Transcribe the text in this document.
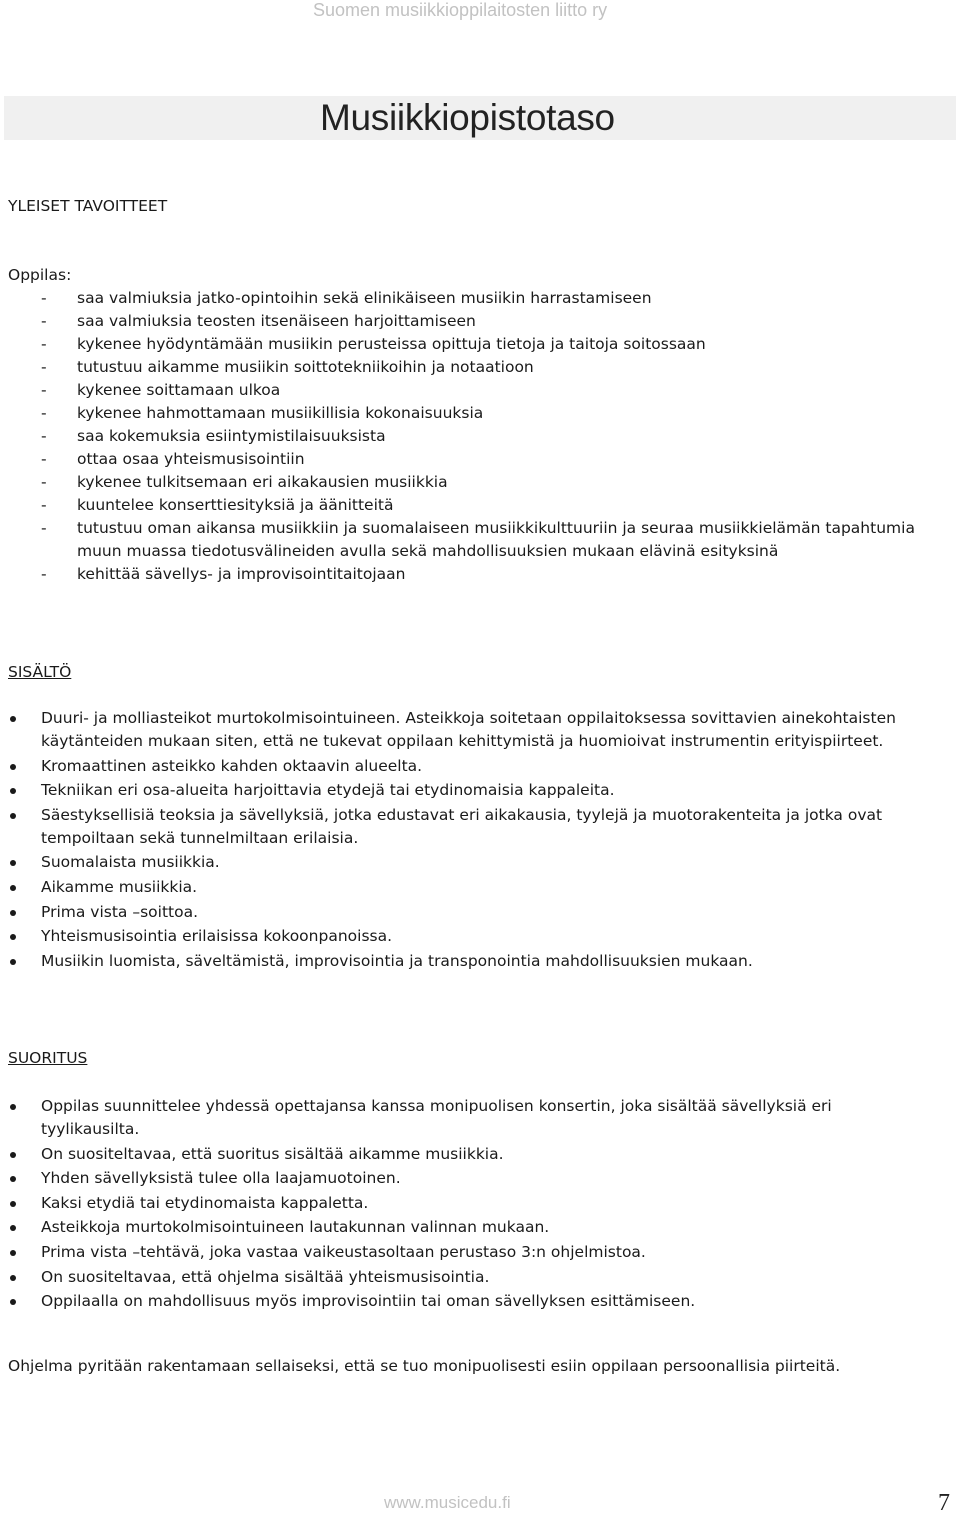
Suomen musiikkioppilaitosten liitto ry
Musiikkiopistotaso
YLEISET TAVOITTEET
Oppilas:
- saa valmiuksia jatko-opintoihin sekä elinikäiseen musiikin harrastamiseen
- saa valmiuksia teosten itsenäiseen harjoittamiseen
- kykenee hyödyntämään musiikin perusteissa opittuja tietoja ja taitoja soitossaan
- tutustuu aikamme musiikin soittotekniikoihin ja notaatioon
- kykenee soittamaan ulkoa
- kykenee hahmottamaan musiikillisia kokonaisuuksia
- saa kokemuksia esiintymistilaisuuksista
- ottaa osaa yhteismusisointiin
- kykenee tulkitsemaan eri aikakausien musiikkia
- kuuntelee konserttiesityksiä ja äänitteitä
- tutustuu oman aikansa musiikkiin ja suomalaiseen musiikkikulttuuriin ja seuraa musiikkielämän tapahtumia muun muassa tiedotusvälineiden avulla sekä mahdollisuuksien mukaan elävinä esityksinä
- kehittää sävellys- ja improvisointitaitojaan
SISÄLTÖ
Duuri- ja molliasteikot murtokolmisointuineen. Asteikkoja soitetaan oppilaitoksessa sovittavien ainekohtaisten käytänteiden mukaan siten, että ne tukevat oppilaan kehittymistä ja huomioivat instrumentin erityispiirteet.
Kromaattinen asteikko kahden oktaavin alueelta.
Tekniikan eri osa-alueita harjoittavia etydejä tai etydinomaisia kappaleita.
Säestyksellisiä teoksia ja sävellyksiä, jotka edustavat eri aikakausia, tyylejä ja muotorakenteita ja jotka ovat tempoiltaan sekä tunnelmiltaan erilaisia.
Suomalaista musiikkia.
Aikamme musiikkia.
Prima vista –soittoa.
Yhteismusisointia erilaisissa kokoonpanoissa.
Musiikin luomista, säveltämistä, improvisointia ja transponointia mahdollisuuksien mukaan.
SUORITUS
Oppilas suunnittelee yhdessä opettajansa kanssa monipuolisen konsertin, joka sisältää sävellyksiä eri tyylikausilta.
On suositeltavaa, että suoritus sisältää aikamme musiikkia.
Yhden sävellyksistä tulee olla laajamuotoinen.
Kaksi etydiä tai etydinomaista kappaletta.
Asteikkoja murtokolmisointuineen lautakunnan valinnan mukaan.
Prima vista –tehtävä, joka vastaa vaikeustasoltaan perustaso 3:n ohjelmistoa.
On suositeltavaa, että ohjelma sisältää yhteismusisointia.
Oppilaalla on mahdollisuus myös improvisointiin tai oman sävellyksen esittämiseen.
Ohjelma pyritään rakentamaan sellaiseksi, että se tuo monipuolisesti esiin oppilaan persoonallisia piirteitä.
www.musicedu.fi	7
